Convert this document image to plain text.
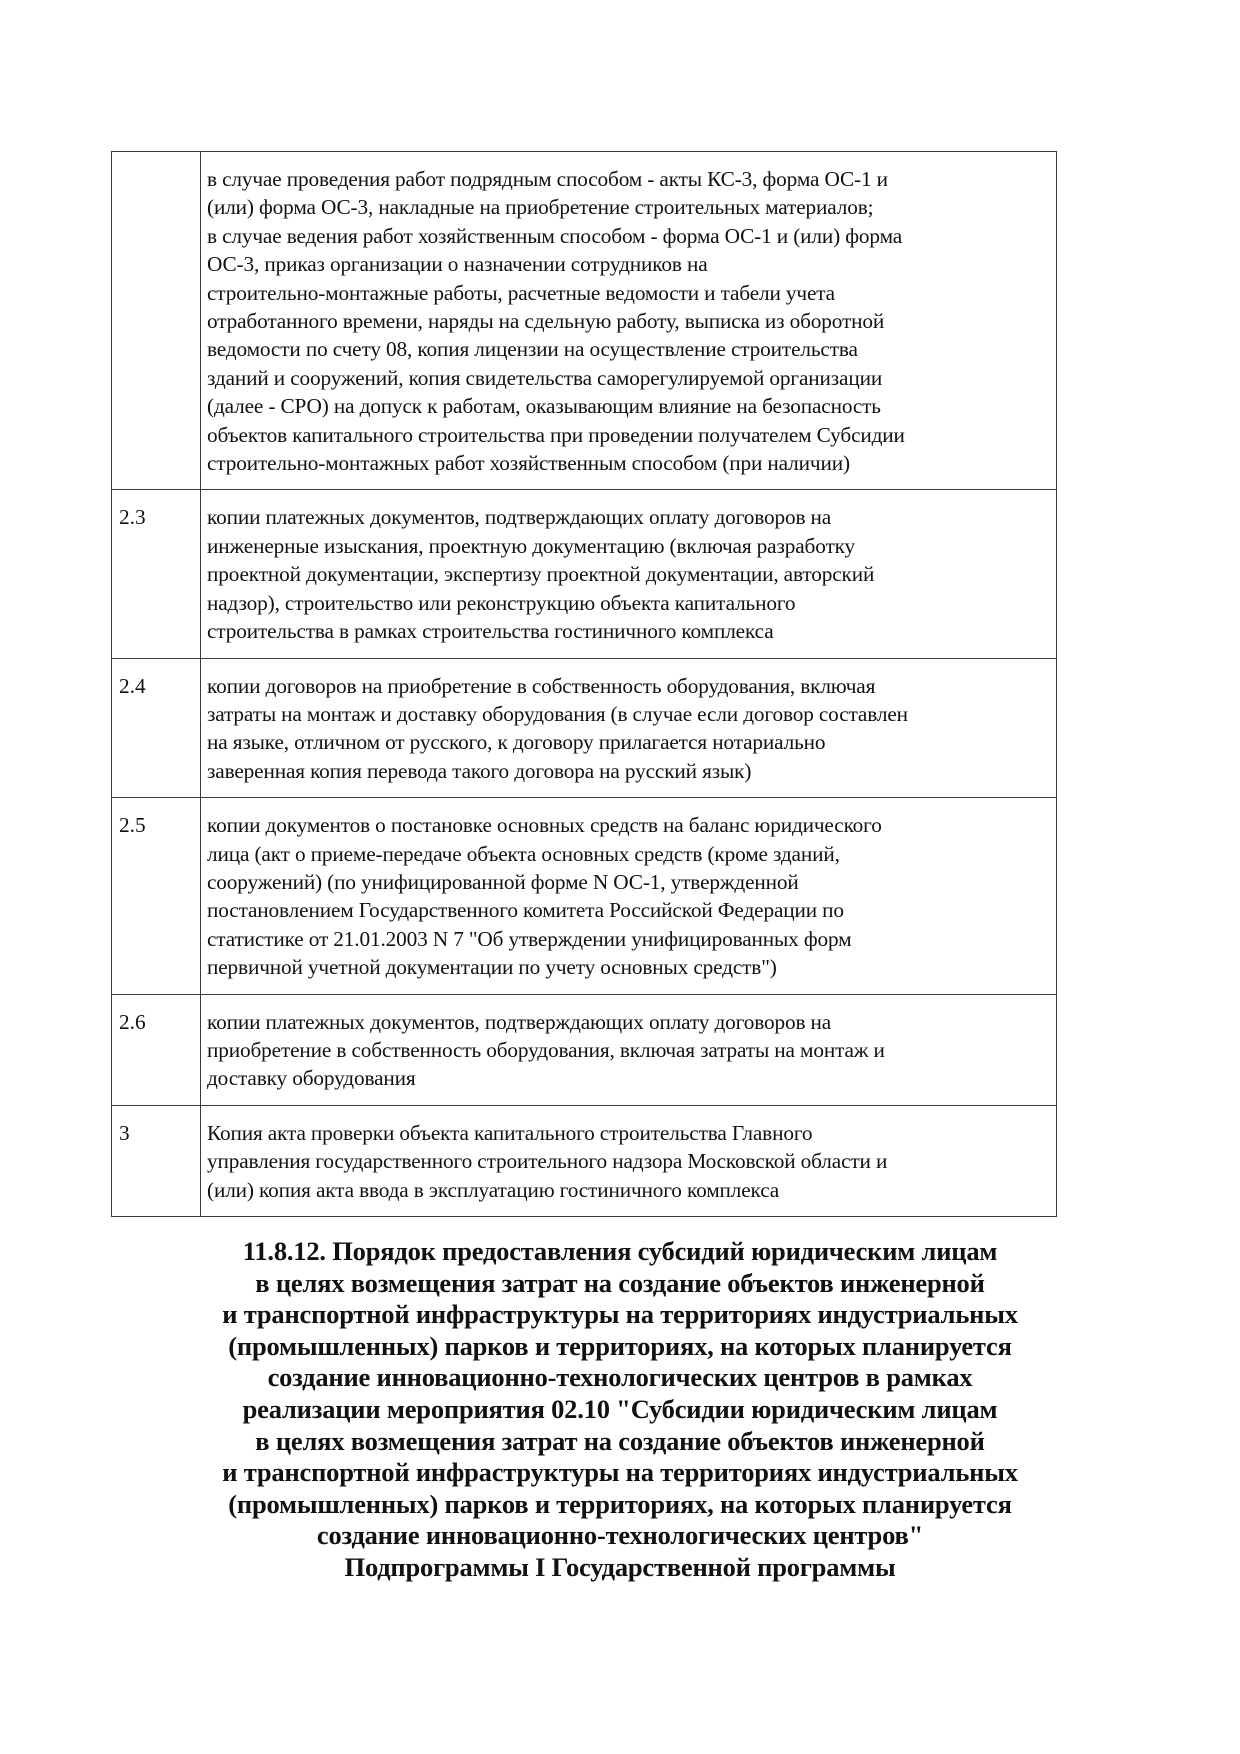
в случае проведения работ подрядным способом - акты КС-3, форма ОС-1 и
(или) форма ОС-3, накладные на приобретение строительных материалов;
в случае ведения работ хозяйственным способом - форма ОС-1 и (или) форма
ОС-3, приказ организации о назначении сотрудников на
строительно-монтажные работы, расчетные ведомости и табели учета
отработанного времени, наряды на сдельную работу, выписка из оборотной
ведомости по счету 08, копия лицензии на осуществление строительства
зданий и сооружений, копия свидетельства саморегулируемой организации
(далее - СРО) на допуск к работам, оказывающим влияние на безопасность
объектов капитального строительства при проведении получателем Субсидии
строительно-монтажных работ хозяйственным способом (при наличии)

2.3	копии платежных документов, подтверждающих оплату договоров на
инженерные изыскания, проектную документацию (включая разработку
проектной документации, экспертизу проектной документации, авторский
надзор), строительство или реконструкцию объекта капитального
строительства в рамках строительства гостиничного комплекса

2.4	копии договоров на приобретение в собственность оборудования, включая
затраты на монтаж и доставку оборудования (в случае если договор составлен
на языке, отличном от русского, к договору прилагается нотариально
заверенная копия перевода такого договора на русский язык)

2.5	копии документов о постановке основных средств на баланс юридического
лица (акт о приеме-передаче объекта основных средств (кроме зданий,
сооружений) (по унифицированной форме N ОС-1, утвержденной
постановлением Государственного комитета Российской Федерации по
статистике от 21.01.2003 N 7 "Об утверждении унифицированных форм
первичной учетной документации по учету основных средств")

2.6	копии платежных документов, подтверждающих оплату договоров на
приобретение в собственность оборудования, включая затраты на монтаж и
доставку оборудования

3	Копия акта проверки объекта капитального строительства Главного
управления государственного строительного надзора Московской области и
(или) копия акта ввода в эксплуатацию гостиничного комплекса
11.8.12. Порядок предоставления субсидий юридическим лицам
в целях возмещения затрат на создание объектов инженерной
и транспортной инфраструктуры на территориях индустриальных
(промышленных) парков и территориях, на которых планируется
создание инновационно-технологических центров в рамках
реализации мероприятия 02.10 "Субсидии юридическим лицам
в целях возмещения затрат на создание объектов инженерной
и транспортной инфраструктуры на территориях индустриальных
(промышленных) парков и территориях, на которых планируется
создание инновационно-технологических центров"
Подпрограммы I Государственной программы
